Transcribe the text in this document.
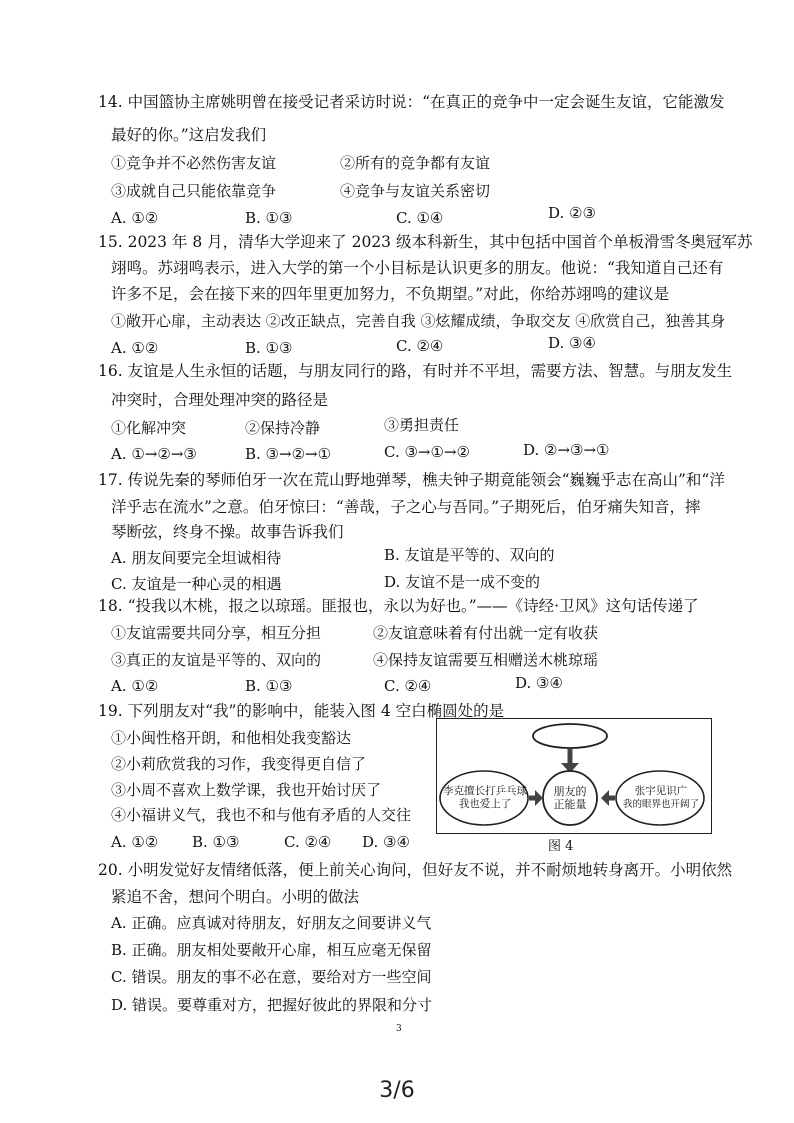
14. 中国篮协主席姚明曾在接受记者采访时说：“在真正的竞争中一定会诞生友谊，它能激发
最好的你。”这启发我们
①竞争并不必然伤害友谊	②所有的竞争都有友谊
③成就自己只能依靠竞争	④竞争与友谊关系密切
A. ①②	B. ①③	C. ①④	D. ②③
15. 2023 年 8 月，清华大学迎来了 2023 级本科新生，其中包括中国首个单板滑雪冬奥冠军苏
翊鸣。苏翊鸣表示，进入大学的第一个小目标是认识更多的朋友。他说：“我知道自己还有
许多不足，会在接下来的四年里更加努力，不负期望。”对此，你给苏翊鸣的建议是
①敞开心扉，主动表达 ②改正缺点，完善自我 ③炫耀成绩，争取交友 ④欣赏自己，独善其身
A. ①②	B. ①③	C. ②④	D. ③④
16. 友谊是人生永恒的话题，与朋友同行的路，有时并不平坦，需要方法、智慧。与朋友发生
冲突时，合理处理冲突的路径是
①化解冲突	②保持冷静	③勇担责任
A. ①→②→③	B. ③→②→①	C. ③→①→②	D. ②→③→①
17. 传说先秦的琴师伯牙一次在荒山野地弹琴，樵夫钟子期竟能领会“巍巍乎志在高山”和“洋
洋乎志在流水”之意。伯牙惊曰：“善哉，子之心与吾同。”子期死后，伯牙痛失知音，摔
琴断弦，终身不操。故事告诉我们
A. 朋友间要完全坦诚相待	B. 友谊是平等的、双向的
C. 友谊是一种心灵的相遇	D. 友谊不是一成不变的
18. “投我以木桃，报之以琼瑶。匪报也，永以为好也。”——《诗经·卫风》这句话传递了
①友谊需要共同分享，相互分担	②友谊意味着有付出就一定有收获
③真正的友谊是平等的、双向的	④保持友谊需要互相赠送木桃琼瑶
A. ①②	B. ①③	C. ②④	D. ③④
19. 下列朋友对“我”的影响中，能装入图 4 空白椭圆处的是
①小闽性格开朗，和他相处我变豁达
②小莉欣赏我的习作，我变得更自信了
③小周不喜欢上数学课，我也开始讨厌了
④小福讲义气，我也不和与他有矛盾的人交往
A. ①② B. ①③	C. ②④ D. ③④
李克擅长打乒乓球
我也爱上了
朋友的
正能量
张宇见识广
我的眼界也开阔了
图 4
20. 小明发觉好友情绪低落，便上前关心询问，但好友不说，并不耐烦地转身离开。小明依然
紧追不舍，想问个明白。小明的做法
A. 正确。应真诚对待朋友，好朋友之间要讲义气
B. 正确。朋友相处要敞开心扉，相互应毫无保留
C. 错误。朋友的事不必在意，要给对方一些空间
D. 错误。要尊重对方，把握好彼此的界限和分寸
3
3/6
